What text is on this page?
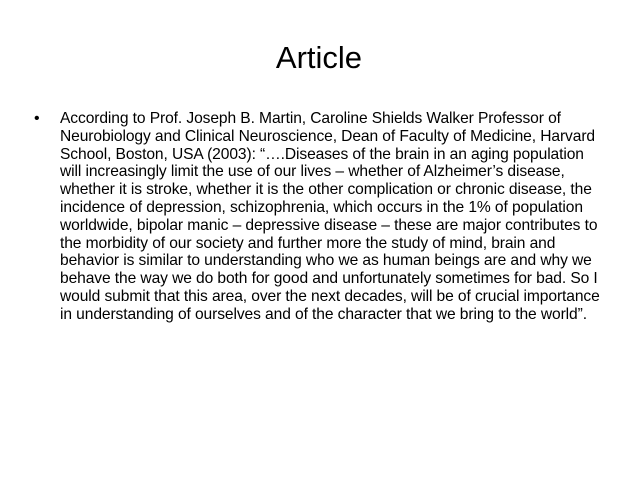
Article
•	According to Prof. Joseph B. Martin, Caroline Shields Walker Professor of Neurobiology and Clinical Neuroscience, Dean of Faculty of Medicine, Harvard School, Boston, USA (2003): “….Diseases of the brain in an aging population will increasingly limit the use of our lives – whether of Alzheimer’s disease, whether it is stroke, whether it is the other complication or chronic disease, the incidence of depression, schizophrenia, which occurs in the 1% of population worldwide, bipolar manic – depressive disease – these are major contributes to the morbidity of our society and further more the study of mind, brain and behavior is similar to understanding who we as human beings are and why we behave the way we do both for good and unfortunately sometimes for bad. So I would submit that this area, over the next decades, will be of crucial importance in understanding of ourselves and of the character that we bring to the world”.
